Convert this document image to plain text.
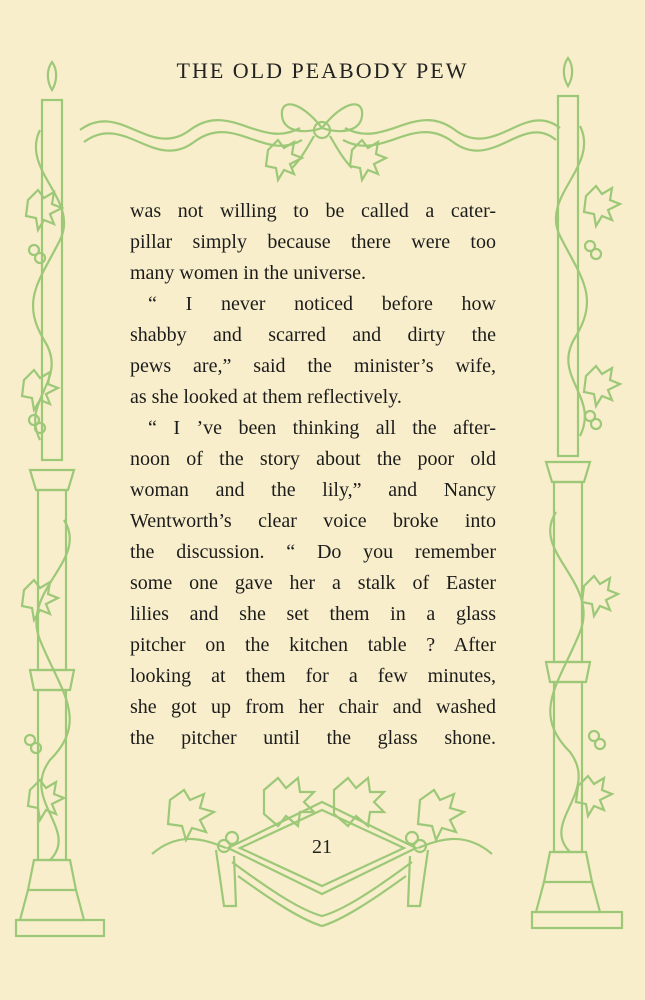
THE OLD PEABODY PEW
was not willing to be called a cater-
pillar simply because there were too
many women in the universe.
“ I never noticed before how
shabby and scarred and dirty the
pews are,” said the minister’s wife,
as she looked at them reflectively.
“ I ’ve been thinking all the after-
noon of the story about the poor old
woman and the lily,” and Nancy
Wentworth’s clear voice broke into
the discussion. “ Do you remember
some one gave her a stalk of Easter
lilies and she set them in a glass
pitcher on the kitchen table ? After
looking at them for a few minutes,
she got up from her chair and washed
the pitcher until the glass shone.
21
